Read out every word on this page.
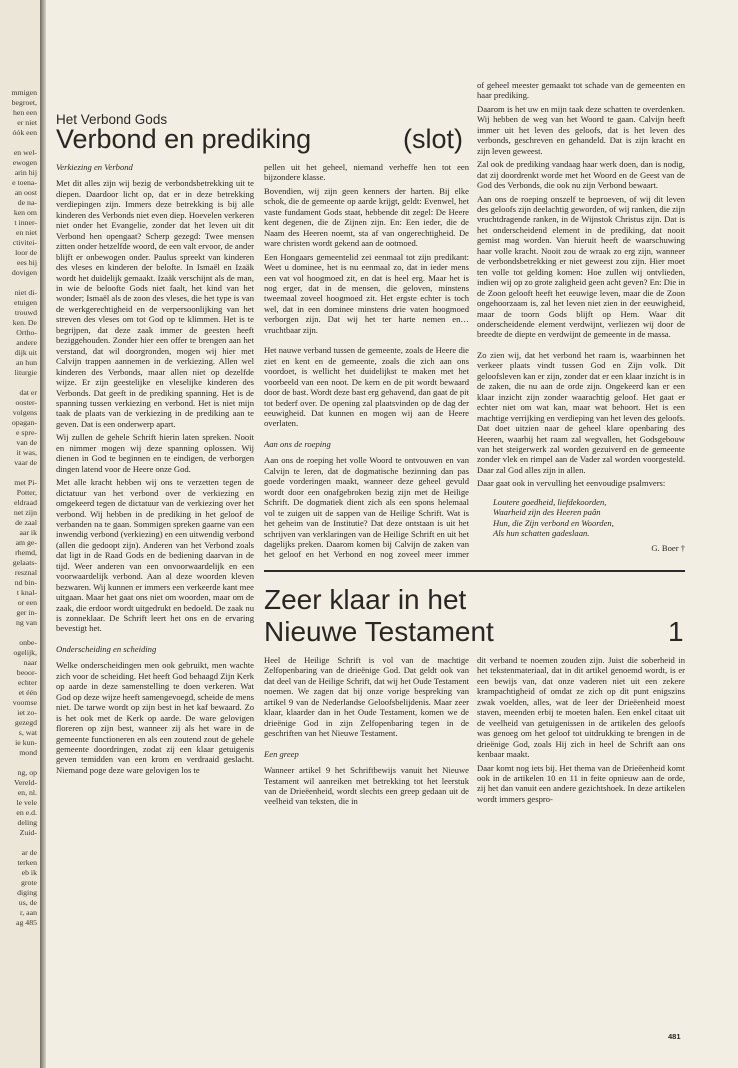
mmigen
begroet,
hen een
er niet
óók een
en wel-
ewogen
arin hij
e toena-
an oost
de na-
ken om
t inner-
en niet
ctivitei-
loor de
ees hij
dovigen
niet di-
etuigen
trouwd
ken. De
Ortho-
andere
dijk uit
an hun
liturgie
dat er
ooster-
volgens
opagan-
e spre-
van de
it was,
vaar de
met Pi-
Potter,
eldraad
net zijn
de zaal
aar ik
am ge-
rhemd,
gelaats-
resznal
nd bin-
t knal-
or een
ger in-
ng van
onbe-
ogelijk,
naar
beoor-
echter
et één
voomse
iet zo-
gezegd
s, wat
ie kun-
mond
ng, op
Vereld-
en, nl.
le vele
en e.d.
deling
Zuid-
ar de
terken
eb ik
grote
diging
us, de
r, aan
ag 485
Het Verbond Gods
Verbond en prediking	(slot)

Verkiezing en Verbond

Met dit alles zijn wij bezig de verbondsbetrekking uit te diepen. Daardoor licht op, dat er in deze betrekking verdiepingen zijn. Immers deze betrekking is bij alle kinderen des Verbonds niet even diep. Hoevelen verkeren niet onder het Evangelie, zonder dat het leven uit dit Verbond hen opengaat? Scherp gezegd: Twee mensen zitten onder hetzelfde woord, de een valt ervoor, de ander blijft er onbewogen onder. Paulus spreekt van kinderen des vleses en kinderen der belofte. In Ismaël en Izaäk wordt het duidelijk gemaakt. Izaäk verschijnt als de man, in wie de beloofte Gods niet faalt, het kind van het wonder; Ismaël als de zoon des vleses, die het type is van de werkgerechtigheid en de verpersoonlijking van het streven des vleses om tot God op te klimmen. Het is te begrijpen, dat deze zaak immer de geesten heeft beziggehouden. Zonder hier een offer te brengen aan het verstand, dat wil doorgronden, mogen wij hier met Calvijn trappen aannemen in de verkiezing. Allen wel kinderen des Verbonds, maar allen niet op dezelfde wijze. Er zijn geestelijke en vleselijke kinderen des Verbonds. Dat geeft in de prediking spanning. Het is de spanning tussen verkiezing en verbond. Het is niet mijn taak de plaats van de verkiezing in de prediking aan te geven. Dat is een onderwerp apart.

Wij zullen de gehele Schrift hierin laten spreken. Nooit en nimmer mogen wij deze spanning oplossen. Wij dienen in God te beginnen en te eindigen, de verborgen dingen latend voor de Heere onze God.

Met alle kracht hebben wij ons te verzetten tegen de dictatuur van het verbond over de verkiezing en omgekeerd tegen de dictatuur van de verkiezing over het verbond. Wij hebben in de prediking in het geloof de verbanden na te gaan. Sommigen spreken gaarne van een inwendig verbond (verkiezing) en een uitwendig verbond (allen die gedoopt zijn). Anderen van het Verbond zoals dat ligt in de Raad Gods en de bediening daarvan in de tijd. Weer anderen van een onvoorwaardelijk en een voorwaardelijk verbond. Aan al deze woorden kleven bezwaren. Wij kunnen er immers een verkeerde kant mee uitgaan. Maar het gaat ons niet om woorden, maar om de zaak, die erdoor wordt uitgedrukt en bedoeld. De zaak nu is zonneklaar. De Schrift leert het ons en de ervaring bevestigt het.

Onderscheiding en scheiding

Welke onderscheidingen men ook gebruikt, men wachte zich voor de scheiding. Het heeft God behaagd Zijn Kerk op aarde in deze samenstelling te doen verkeren. Wat God op deze wijze heeft samengevoegd, scheide de mens niet. De tarwe wordt op zijn best in het kaf bewaard. Zo is het ook met de Kerk op aarde. De ware gelovigen floreren op zijn best, wanneer zij als het ware in de gemeente functioneren en als een zoutend zout de gehele gemeente doordringen, zodat zij een klaar getuigenis geven temidden van een krom en verdraaid geslacht. Niemand poge deze ware gelovigen los te

pellen uit het geheel, niemand verheffe hen tot een bijzondere klasse.

Bovendien, wij zijn geen kenners der harten. Bij elke schok, die de gemeente op aarde krijgt, geldt: Evenwel, het vaste fundament Gods staat, hebbende dit zegel: De Heere kent degenen, die de Zijnen zijn. En: Een ieder, die de Naam des Heeren noemt, sta af van ongerechtigheid. De ware christen wordt gekend aan de ootmoed.

Een Hongaars gemeentelid zei eenmaal tot zijn predikant: Weet u dominee, het is nu eenmaal zo, dat in ieder mens een vat vol hoogmoed zit, en dat is heel erg. Maar het is nog erger, dat in de mensen, die geloven, minstens tweemaal zoveel hoogmoed zit. Het ergste echter is toch wel, dat in een dominee minstens drie vaten hoogmoed verborgen zijn. Dat wij het ter harte nemen en… vruchtbaar zijn.

Het nauwe verband tussen de gemeente, zoals de Heere die ziet en kent en de gemeente, zoals die zich aan ons voordoet, is wellicht het duidelijkst te maken met het voorbeeld van een noot. De kern en de pit wordt bewaard door de bast. Wordt deze bast erg gehavend, dan gaat de pit tot bederf over. De opening zal plaatsvinden op de dag der eeuwigheid. Dat kunnen en mogen wij aan de Heere overlaten.

Aan ons de roeping

Aan ons de roeping het volle Woord te ontvouwen en van Calvijn te leren, dat de dogmatische bezinning dan pas goede vorderingen maakt, wanneer deze geheel gevuld wordt door een onafgebroken bezig zijn met de Heilige Schrift. De dogmatiek dient zich als een spons helemaal vol te zuigen uit de sappen van de Heilige Schrift. Wat is het geheim van de Institutie? Dat deze ontstaan is uit het schrijven van verklaringen van de Heilige Schrift en uit het dagelijks preken. Daarom komen bij Calvijn de zaken van het geloof en het Verbond en nog zoveel meer immer

of geheel meester gemaakt tot schade van de gemeenten en haar prediking.

Daarom is het uw en mijn taak deze schatten te overdenken. Wij hebben de weg van het Woord te gaan. Calvijn heeft immer uit het leven des geloofs, dat is het leven des verbonds, geschreven en gehandeld. Dat is zijn kracht en zijn leven geweest.

Zal ook de prediking vandaag haar werk doen, dan is nodig, dat zij doordrenkt worde met het Woord en de Geest van de God des Verbonds, die ook nu zijn Verbond bewaart.

Aan ons de roeping onszelf te beproeven, of wij dit leven des geloofs zijn deelachtig geworden, of wij ranken, die zijn vruchtdragende ranken, in de Wijnstok Christus zijn. Dat is het onderscheidend element in de prediking, dat nooit gemist mag worden. Van hieruit heeft de waarschuwing haar volle kracht. Nooit zou de wraak zo erg zijn, wanneer de verbondsbetrekking er niet geweest zou zijn. Hier moet ten volle tot gelding komen: Hoe zullen wij ontvlieden, indien wij op zo grote zaligheid geen acht geven? En: Die in de Zoon gelooft heeft het eeuwige leven, maar die de Zoon ongehoorzaam is, zal het leven niet zien in der eeuwigheid, maar de toorn Gods blijft op Hem. Waar dit onderscheidende element verdwijnt, verliezen wij door de breedte de diepte en verdwijnt de gemeente in de massa.

Zo zien wij, dat het verbond het raam is, waarbinnen het verkeer plaats vindt tussen God en Zijn volk. Dit geloofsleven kan er zijn, zonder dat er een klaar inzicht is in de zaken, die nu aan de orde zijn. Ongekeerd kan er een klaar inzicht zijn zonder waarachtig geloof. Het gaat er echter niet om wat kan, maar wat behoort. Het is een machtige verrijking en verdieping van het leven des geloofs. Dat doet uitzien naar de geheel klare openbaring des Heeren, waarbij het raam zal wegvallen, het Godsgebouw van het steigerwerk zal worden gezuiverd en de gemeente zonder vlek en rimpel aan de Vader zal worden voorgesteld. Daar zal God alles zijn in allen.

Daar gaat ook in vervulling het eenvoudige psalmvers:

Loutere goedheid, liefdekoorden,
Waarheid zijn des Heeren paân
Hun, die Zijn verbond en Woorden,
Als hun schatten gadeslaan.
G. Boer †
Zeer klaar in het
Nieuwe Testament	1

Heel de Heilige Schrift is vol van de machtige Zelfopenbaring van de drieënige God. Dat geldt ook van dat deel van de Heilige Schrift, dat wij het Oude Testament noemen. We zagen dat bij onze vorige bespreking van artikel 9 van de Nederlandse Geloofsbelijdenis. Maar zeer klaar, klaarder dan in het Oude Testament, komen we de drieënige God in zijn Zelfopenbaring tegen in de geschriften van het Nieuwe Testament.

Een greep

Wanneer artikel 9 het Schriftbewijs vanuit het Nieuwe Testament wil aanreiken met betrekking tot het leerstuk van de Drieëenheid, wordt slechts een greep gedaan uit de veelheid van teksten, die in

dit verband te noemen zouden zijn. Juist die soberheid in het tekstenmateriaal, dat in dit artikel genoemd wordt, is er een bewijs van, dat onze vaderen niet uit een zekere krampachtigheid of omdat ze zich op dit punt enigszins zwak voelden, alles, wat de leer der Drieëenheid moest staven, meenden erbij te moeten halen. Een enkel citaat uit de veelheid van getuigenissen in de artikelen des geloofs was genoeg om het geloof tot uitdrukking te brengen in de drieënige God, zoals Hij zich in heel de Schrift aan ons kenbaar maakt.

Daar komt nog iets bij. Het thema van de Drieëenheid komt ook in de artikelen 10 en 11 in feite opnieuw aan de orde, zij het dan vanuit een andere gezichtshoek. In deze artikelen wordt immers gespro-

481
